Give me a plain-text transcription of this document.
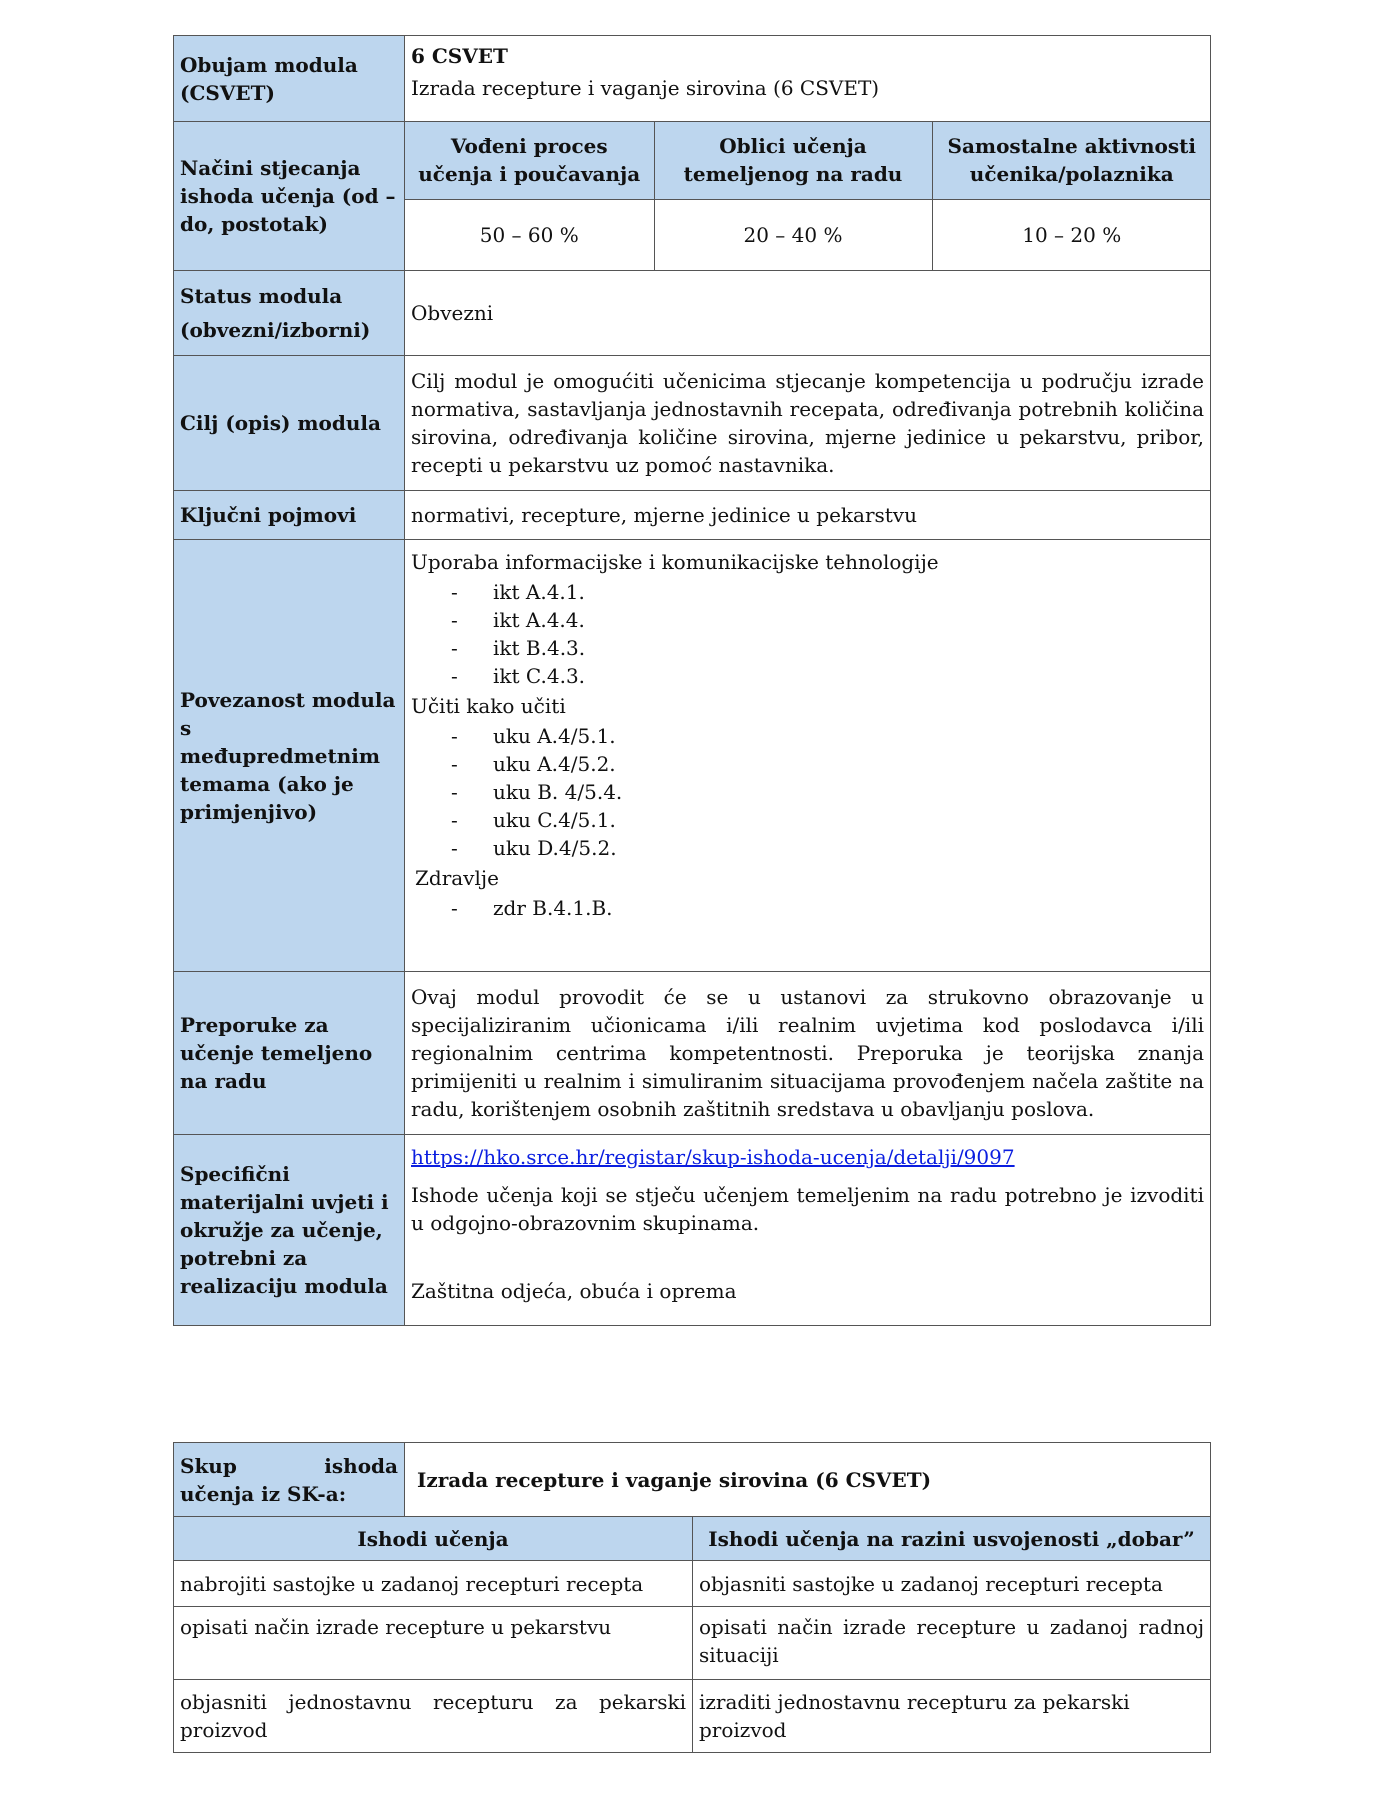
Obujam modula (CSVET)	
6 CSVET
Izrada recepture i vaganje sirovina (6 CSVET)

Načini stjecanja ishoda učenja (od – do, postotak)	
Vođeni proces učenja i poučavanja	Oblici učenja temeljenog na radu	Samostalne aktivnosti učenika/polaznika
50 – 60 %	20 – 40 %	10 – 20 %

Status modula (obvezni/izborni)	Obvezni
Cilj (opis) modula	Cilj modul je omogućiti učenicima stjecanje kompetencija u području izrade normativa, sastavljanja jednostavnih recepata, određivanja potrebnih količina sirovina, određivanja količine sirovina, mjerne jedinice u pekarstvu, pribor, recepti u pekarstvu uz pomoć nastavnika.
Ključni pojmovi	normativi, recepture, mjerne jedinice u pekarstvu
Povezanost modula s međupredmetnim temama (ako je primjenjivo)	
Uporaba informacijske i komunikacijske tehnologije
-	ikt A.4.1.
-	ikt A.4.4.
-	ikt B.4.3.
-	ikt C.4.3.
Učiti kako učiti
-	uku A.4/5.1.
-	uku A.4/5.2.
-	uku B. 4/5.4.
-	uku C.4/5.1.
-	uku D.4/5.2.
Zdravlje
-	zdr B.4.1.B.

Preporuke za učenje temeljeno na radu	Ovaj modul provodit će se u ustanovi za strukovno obrazovanje u specijaliziranim učionicama i/ili realnim uvjetima kod poslodavca i/ili regionalnim centrima kompetentnosti. Preporuka je teorijska znanja primijeniti u realnim i simuliranim situacijama provođenjem načela zaštite na radu, korištenjem osobnih zaštitnih sredstava u obavljanju poslova.
Specifični materijalni uvjeti i okružje za učenje, potrebni za realizaciju modula	
https://hko.srce.hr/registar/skup-ishoda-ucenja/detalji/9097

Ishode učenja koji se stječu učenjem temeljenim na radu potrebno je izvoditi u odgojno-obrazovnim skupinama.

Zaštitna odjeća, obuća i oprema

Skup ishoda učenja iz SK-a:	Izrada recepture i vaganje sirovina (6 CSVET)	
Ishodi učenja		Ishodi učenja na razini usvojenosti „dobar”
nabrojiti sastojke u zadanoj recepturi recepta		objasniti sastojke u zadanoj recepturi recepta
opisati način izrade recepture u pekarstvu		opisati način izrade recepture u zadanoj radnoj situaciji
objasniti jednostavnu recepturu za pekarski proizvod		izraditi jednostavnu recepturu za pekarski proizvod
